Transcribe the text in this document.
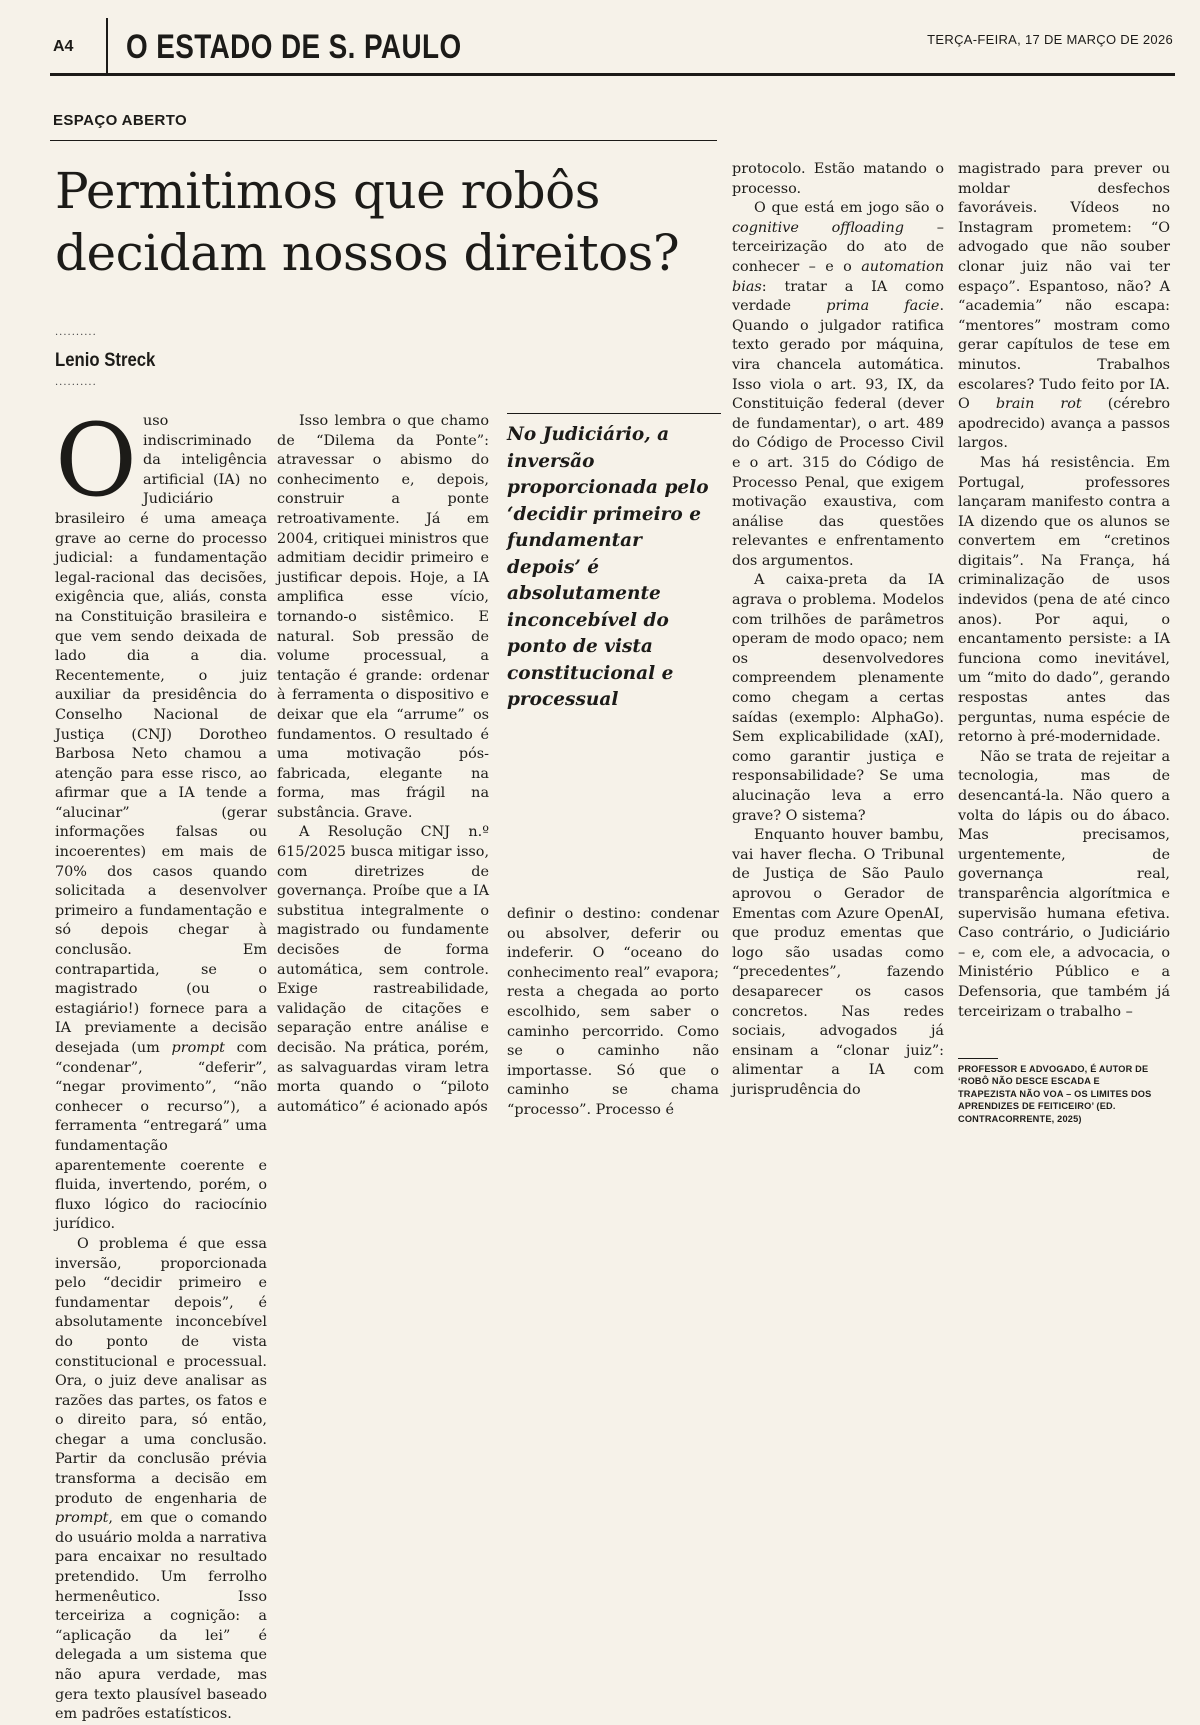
A4 O ESTADO DE S. PAULO	TERÇA-FEIRA, 17 DE MARÇO DE 2026
ESPAÇO ABERTO
Permitimos que robôs decidam nossos direitos?
··········
Lenio Streck
··········

Ouso indiscriminado da inteligência artificial (IA) no Judiciário brasileiro é uma ameaça grave ao cerne do processo judicial: a fundamentação legal-racional das decisões, exigência que, aliás, consta na Constituição brasileira e que vem sendo deixada de lado dia a dia. Recentemente, o juiz auxiliar da presidência do Conselho Nacional de Justiça (CNJ) Dorotheo Barbosa Neto chamou a atenção para esse risco, ao afirmar que a IA tende a “alucinar” (gerar informações falsas ou incoerentes) em mais de 70% dos casos quando solicitada a desenvolver primeiro a fundamentação e só depois chegar à conclusão. Em contrapartida, se o magistrado (ou o estagiário!) fornece para a IA previamente a decisão desejada (um prompt com “condenar”, “deferir”, “negar provimento”, “não conhecer o recurso”), a ferramenta “entregará” uma fundamentação aparentemente coerente e fluida, invertendo, porém, o fluxo lógico do raciocínio jurídico.

O problema é que essa inversão, proporcionada pelo “decidir primeiro e fundamentar depois”, é absolutamente inconcebível do ponto de vista constitucional e processual. Ora, o juiz deve analisar as razões das partes, os fatos e o direito para, só então, chegar a uma conclusão. Partir da conclusão prévia transforma a decisão em produto de engenharia de prompt, em que o comando do usuário molda a narrativa para encaixar no resultado pretendido. Um ferrolho hermenêutico. Isso terceiriza a cognição: a “aplicação da lei” é delegada a um sistema que não apura verdade, mas gera texto plausível baseado em padrões estatísticos.

Isso lembra o que chamo de “Dilema da Ponte”: atravessar o abismo do conhecimento e, depois, construir	a	ponte retroativamente. Já em 2004, critiquei ministros que admitiam decidir primeiro e justificar depois. Hoje, a IA amplifica	esse	vício, tornando-o sistêmico. E natural. Sob pressão de volume processual, a tentação é grande: ordenar à ferramenta o dispositivo e deixar que ela “arrume” os fundamentos. O resultado é uma	motivação	pós-fabricada, elegante na forma, mas frágil na substância. Grave.

A Resolução CNJ n.º 615/2025 busca mitigar isso, com	diretrizes	de governança. Proíbe que a IA substitua integralmente o magistrado ou fundamente decisões	de	forma automática, sem controle. Exige	rastreabilidade, validação de citações e separação entre análise e decisão. Na prática, porém, as salvaguardas viram letra morta quando o “piloto automático” é acionado após

No Judiciário, a inversão proporcionada pelo ‘decidir primeiro e fundamentar depois’ é absolutamente inconcebível do ponto de vista constitucional e processual

definir o destino: condenar ou absolver, deferir ou indeferir. O “oceano do conhecimento real” evapora; resta a chegada ao porto escolhido, sem saber o caminho percorrido. Como se o caminho não importasse. Só que o caminho	se	chama “processo”. Processo é

protocolo. Estão matando o processo.

O que está em jogo são o cognitive offloading – terceirização do ato de conhecer – e o automation bias: tratar a IA como verdade prima facie. Quando o julgador ratifica texto gerado por máquina, vira chancela automática. Isso viola o art. 93, IX, da Constituição federal (dever de fundamentar), o art. 489 do Código de Processo Civil e o art. 315 do Código de Processo Penal, que exigem motivação exaustiva, com análise das questões relevantes e enfrentamento dos argumentos.

A caixa-preta da IA agrava o problema. Modelos com trilhões de parâmetros operam de modo opaco; nem os	desenvolvedores compreendem plenamente como chegam a certas saídas (exemplo: AlphaGo). Sem explicabilidade (xAI), como garantir justiça e responsabilidade? Se uma alucinação leva a erro grave? O sistema?

Enquanto houver bambu, vai haver flecha. O Tribunal de Justiça de São Paulo aprovou o Gerador de Ementas com Azure OpenAI, que produz ementas que logo são usadas como “precedentes”,	fazendo desaparecer os casos concretos. Nas redes sociais, advogados já ensinam a “clonar juiz”: alimentar a IA com jurisprudência do

magistrado para prever ou moldar	desfechos favoráveis. Vídeos no Instagram prometem: “O advogado que não souber clonar juiz não vai ter espaço”. Espantoso, não? A “academia” não escapa: “mentores” mostram como gerar capítulos de tese em minutos.	Trabalhos escolares? Tudo feito por IA. O brain rot (cérebro apodrecido) avança a passos largos.

Mas há resistência. Em Portugal,	professores lançaram manifesto contra a IA dizendo que os alunos se convertem em “cretinos digitais”. Na França, há criminalização de usos indevidos (pena de até cinco anos). Por aqui, o encantamento persiste: a IA funciona como inevitável, um “mito do dado”, gerando respostas	antes	das perguntas, numa espécie de retorno à pré-modernidade.

Não se trata de rejeitar a tecnologia,	mas	de desencantá-la. Não quero a volta do lápis ou do ábaco. Mas	precisamos, urgentemente,	de governança	real, transparência algorítmica e supervisão humana efetiva. Caso contrário, o Judiciário – e, com ele, a advocacia, o Ministério Público e a Defensoria, que também já terceirizam o trabalho –

PROFESSOR E ADVOGADO, É AUTOR DE ‘ROBÔ NÃO DESCE ESCADA E TRAPEZISTA NÃO VOA – OS LIMITES DOS APRENDIZES DE FEITICEIRO’ (ED. CONTRACORRENTE, 2025)
